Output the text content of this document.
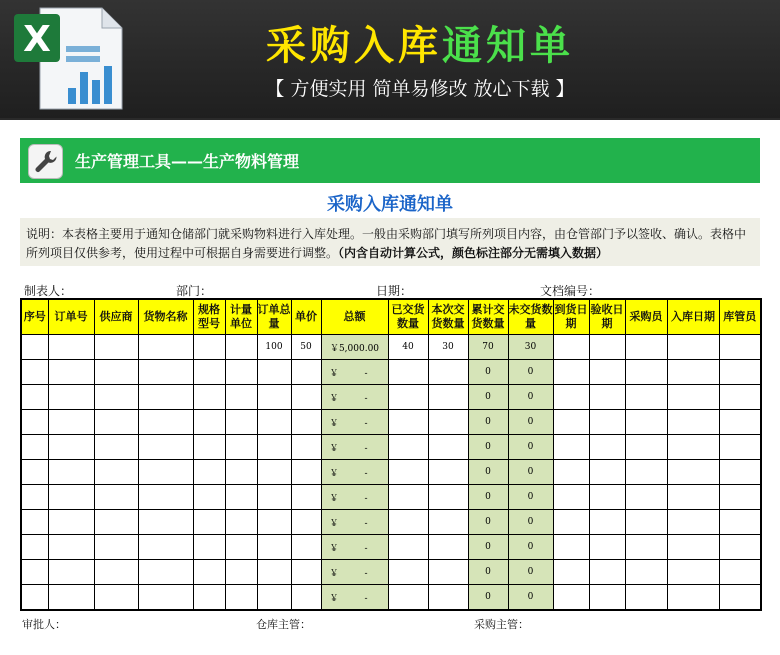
X	采购入库通知单
【 方便实用 简单易修改 放心下载 】
生产管理工具——生产物料管理
采购入库通知单
说明：本表格主要用于通知仓储部门就采购物料进行入库处理。一般由采购部门填写所列项目内容，由仓管部门予以签收、确认。表格中所列项目仅供参考，使用过程中可根据自身需要进行调整。（内含自动计算公式，颜色标注部分无需填入数据）
制表人：	部门：	日期：	文档编号：
序号	订单号	供应商	货物名称	规格型号	计量单位	订单总量	单价	总额	已交货数量	本次交货数量	累计交货数量	未交货数量	到货日期	验收日期	采购员	入库日期	库管员
						100	50	￥5,000.00	40	30	70	30					
								￥ -			0	0					
								￥ -			0	0					
								￥ -			0	0					
								￥ -			0	0					
								￥ -			0	0					
								￥ -			0	0					
								￥ -			0	0					
								￥ -			0	0					
								￥ -			0	0					
								￥ -			0	0					
审批人：	仓库主管：	采购主管：
